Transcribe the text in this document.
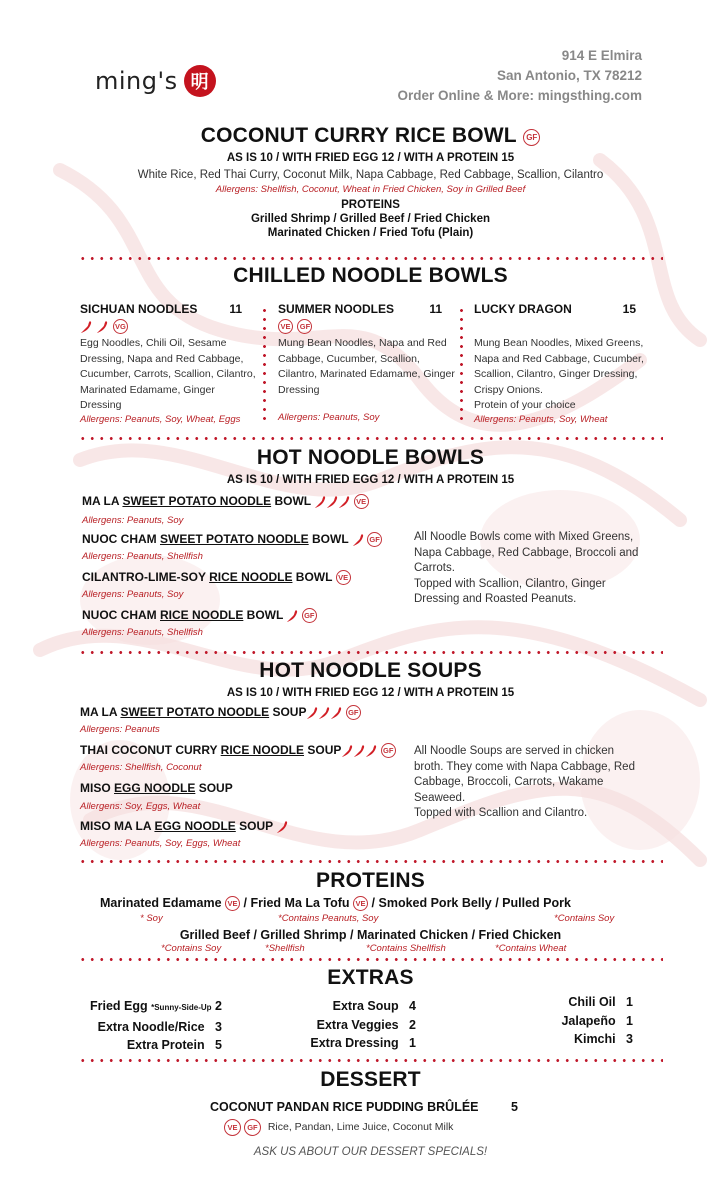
ming's 明
914 E Elmira
San Antonio, TX 78212
Order Online & More: mingsthing.com
COCONUT CURRY RICE BOWL GF
AS IS 10 / WITH FRIED EGG 12 / WITH A PROTEIN 15
White Rice, Red Thai Curry, Coconut Milk, Napa Cabbage, Red Cabbage, Scallion, Cilantro
Allergens: Shellfish, Coconut, Wheat in Fried Chicken, Soy in Grilled Beef
PROTEINS
Grilled Shrimp / Grilled Beef / Fried Chicken
Marinated Chicken / Fried Tofu (Plain)
CHILLED NOODLE BOWLS
SICHUAN NOODLES	11
VG
Egg Noodles, Chili Oil, Sesame Dressing, Napa and Red Cabbage, Cucumber, Carrots, Scallion, Cilantro, Marinated Edamame, Ginger Dressing
Allergens: Peanuts, Soy, Wheat, Eggs
SUMMER NOODLES	11
VE GF
Mung Bean Noodles, Napa and Red Cabbage, Cucumber, Scallion, Cilantro, Marinated Edamame, Ginger Dressing
Allergens: Peanuts, Soy
LUCKY DRAGON	15
Mung Bean Noodles, Mixed Greens, Napa and Red Cabbage, Cucumber, Scallion, Cilantro, Ginger Dressing, Crispy Onions.
Protein of your choice
Allergens: Peanuts, Soy, Wheat
HOT NOODLE BOWLS
AS IS 10 / WITH FRIED EGG 12 / WITH A PROTEIN 15
MA LA SWEET POTATO NOODLE BOWL	VE
Allergens: Peanuts, Soy
NUOC CHAM SWEET POTATO NOODLE BOWL	GF
Allergens: Peanuts, Shellfish
CILANTRO-LIME-SOY RICE NOODLE BOWL VE
Allergens: Peanuts, Soy
NUOC CHAM RICE NOODLE BOWL	GF
Allergens: Peanuts, Shellfish
All Noodle Bowls come with Mixed Greens, Napa Cabbage, Red Cabbage, Broccoli and Carrots.
Topped with Scallion, Cilantro, Ginger Dressing and Roasted Peanuts.
HOT NOODLE SOUPS
AS IS 10 / WITH FRIED EGG 12 / WITH A PROTEIN 15
MA LA SWEET POTATO NOODLE SOUP	GF
Allergens: Peanuts
THAI COCONUT CURRY RICE NOODLE SOUP	GF
Allergens: Shellfish, Coconut
MISO EGG NOODLE SOUP
Allergens: Soy, Eggs, Wheat
MISO MA LA EGG NOODLE SOUP
Allergens: Peanuts, Soy, Eggs, Wheat
All Noodle Soups are served in chicken broth. They come with Napa Cabbage, Red Cabbage, Broccoli, Carrots, Wakame Seaweed.
Topped with Scallion and Cilantro.
PROTEINS
Marinated Edamame VE / Fried Ma La Tofu VE / Smoked Pork Belly / Pulled Pork
* Soy	*Contains Peanuts, Soy	*Contains Soy
Grilled Beef / Grilled Shrimp / Marinated Chicken / Fried Chicken
*Contains Soy	*Shellfish	*Contains Shellfish	*Contains Wheat
EXTRAS
Fried Egg *Sunny-Side-Up 2
Extra Noodle/Rice 3
Extra Protein 5
Extra Soup 4
Extra Veggies 2
Extra Dressing 1
Chili Oil 1
Jalapeño 1
Kimchi 3
DESSERT
COCONUT PANDAN RICE PUDDING BRÛLÉE	5
VE GF Rice, Pandan, Lime Juice, Coconut Milk
ASK US ABOUT OUR DESSERT SPECIALS!
